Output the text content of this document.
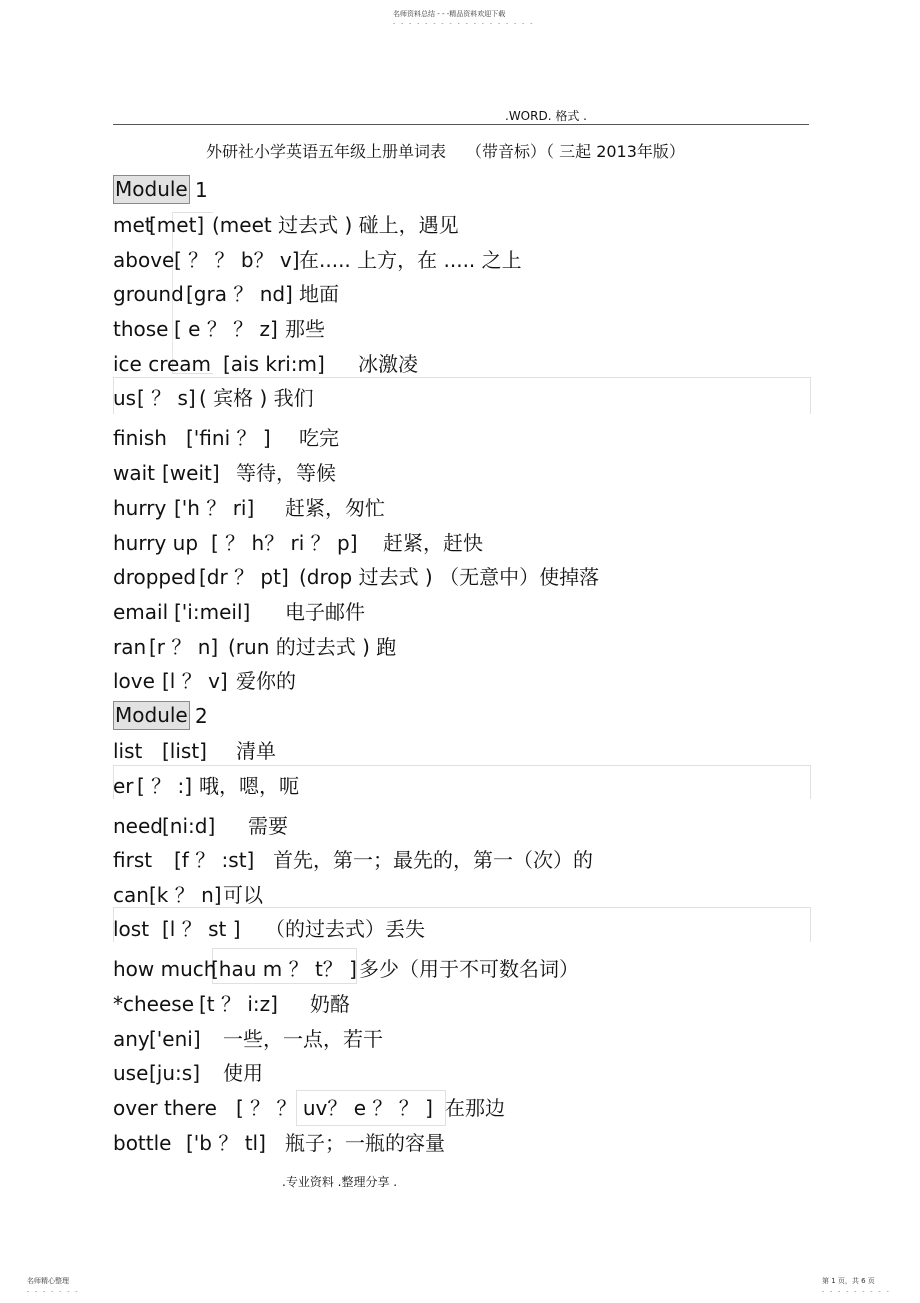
名师资料总结 - - -精品资料欢迎下载
- - - - - - - - - - - - - - - - - -
.WORD. 格式 .
外研社小学英语五年级上册单词表 （带音标）（ 三起 2013年版）
Module 1
met
[met] (meet 过去式 ) 碰上，遇见
above [ ？ ？ b？ v] 在..... 上方，在 ..... 之上
ground [gra ？ nd] 地面
those [ e ？ ？ z] 那些
ice cream [ais kri:m] 冰激凌
us [ ？ s] ( 宾格 ) 我们
finish ['fini ？ ] 吃完
wait [weit] 等待，等候
hurry ['h ？ ri] 赶紧，匆忙
hurry up [ ？ h？ ri ？ p] 赶紧，赶快
dropped [dr ？ pt] (drop 过去式 ) （无意中）使掉落
email ['i:meil] 电子邮件
ran [r ？ n] (run 的过去式 ) 跑
love [l ？ v] 爱你的
Module 2
list [list] 清单
er [ ？ :] 哦，嗯，呃
need [ni:d] 需要
first [f ？ :st] 首先，第一；最先的，第一（次）的
can [k ？ n] 可以
lost [l ？ st ] （的过去式）丢失
how much
[hau m ？ t？ ] 多少（用于不可数名词）
*cheese [t ？ i:z] 奶酪
any ['eni] 一些，一点，若干
use [ju:s] 使用
over there [ ？ ？ uv？ e ？ ？ ] 在那边
bottle ['b ？ tl] 瓶子；一瓶的容量
.专业资料 .整理分享 .
名师精心整理
- - - - - - -
第 1 页，共 6 页
- - - - - - - - -
